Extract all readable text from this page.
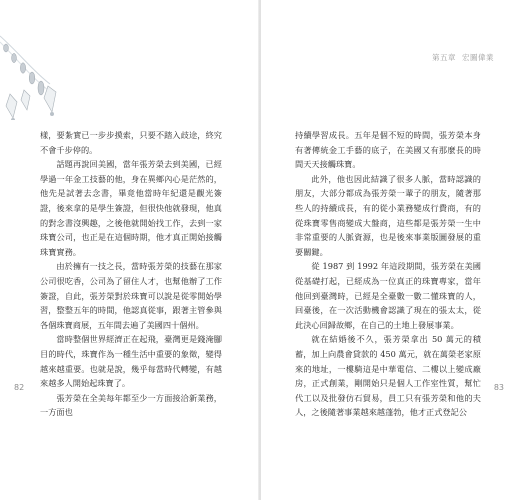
樣，要紮實已一步步摸索，只要不踏入歧途，終究不會千步停的。

話題再說回美國，當年張芳榮去到美國，已經學過一年金工技藝的他，身在異鄉內心是茫然的，他先是試著去念書，畢竟他當時年紀還是觀光簽證，後來拿的是學生簽證，但很快他就發現，他真的對念書沒興趣，之後他就開始找工作，去到一家珠寶公司，也正是在這個時期，他才真正開始接觸珠寶實務。

由於擁有一技之長，當時張芳榮的技藝在那家公司很吃香，公司為了留住人才，也幫他辦了工作簽證，自此，張芳榮對於珠寶可以說是從零開始學習，整整五年的時間，他認真從事，跟著主管參與各個珠寶商展，五年間去遍了美國四十個州。

當時整個世界經濟正在起飛，臺灣更是錢淹腳目的時代，珠寶作為一種生活中重要的象徵，變得越來越重要。也就是說，幾乎每當時代轉變，有越來越多人開始起珠寶了。

張芳榮在全美每年都至少一方面接洽新業務，一方面也

82
第五章 宏圖偉業

持續學習成長。五年是個不短的時間，張芳榮本身有著傳統金工手藝的底子，在美國又有那麼長的時間天天接觸珠寶。

此外，他也因此結識了很多人脈，當時認識的朋友，大部分都成為張芳榮一輩子的朋友，隨著那些人的持續成長，有的從小業務變成行費商，有的從珠寶零售商變成大盤商，這些都是張芳榮一生中非常重要的人脈資源，也是後來事業版圖發展的重要關鍵。

從 1987 到 1992 年這段期間，張芳榮在美國從基礎打起，已經成為一位真正的珠寶專家，當年他回到臺灣時，已經是全臺數一數二懂珠寶的人，回臺後，在一次活動機會認識了現在的張太太，從此決心回歸故鄉，在自己的土地上發展事業。

就在結婚後不久，張芳榮拿出 50 萬元的積蓄，加上向農會貸款的 450 萬元，就在萬榮老家原來的地址，一樓騎這是中華電信、二樓以上變成廠房，正式創業，剛開始只是個人工作室性質，幫忙代工以及批發仿石貿易，員工只有張芳榮和他的夫人，之後隨著事業越來越蓬勃，他才正式登記公

83
